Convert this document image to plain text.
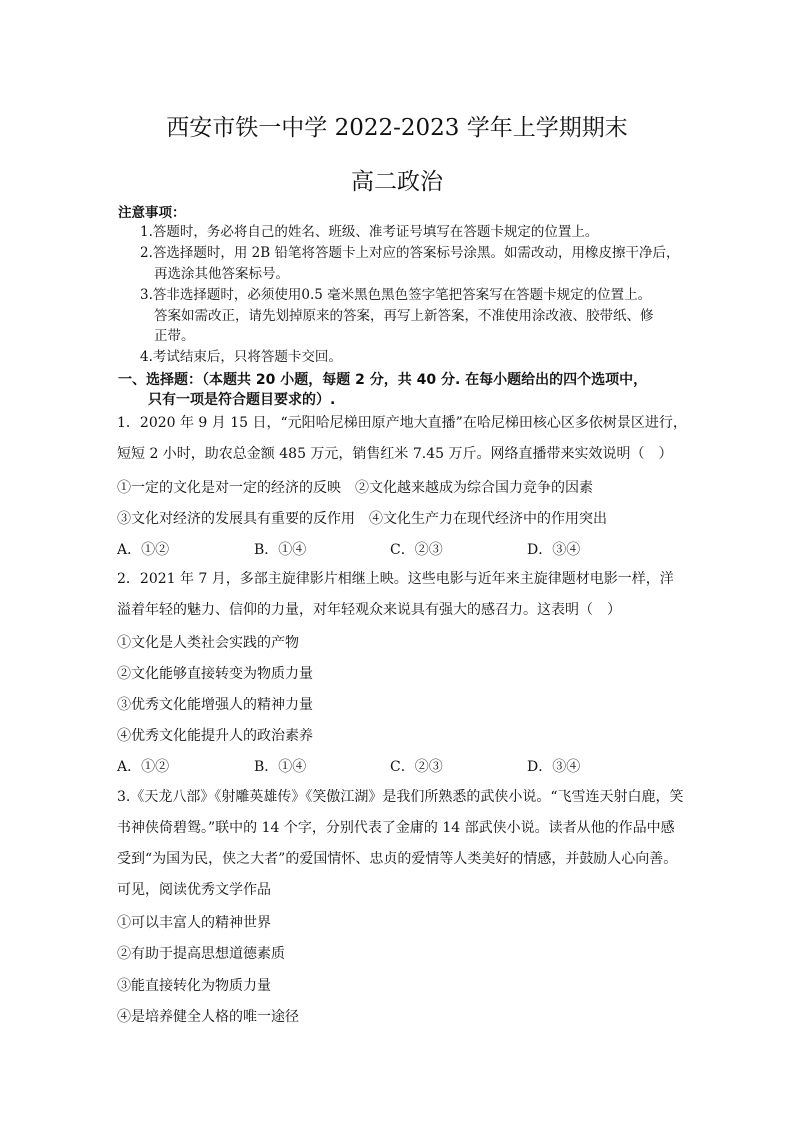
西安市铁一中学 2022-2023 学年上学期期末
高二政治
注意事项：
1.答题时，务必将自己的姓名、班级、准考证号填写在答题卡规定的位置上。
2.答选择题时，用 2B 铅笔将答题卡上对应的答案标号涂黑。如需改动，用橡皮擦干净后，
再选涂其他答案标号。
3.答非选择题时，必须使用0.5 毫米黑色黑色签字笔把答案写在答题卡规定的位置上。
答案如需改正，请先划掉原来的答案，再写上新答案，不准使用涂改液、胶带纸、修
正带。
4.考试结束后，只将答题卡交回。
一、选择题：（本题共 20 小题，每题 2 分，共 40 分. 在每小题给出的四个选项中，
只有一项是符合题目要求的）.
1．2020 年 9 月 15 日，“元阳哈尼梯田原产地大直播”在哈尼梯田核心区多依树景区进行，短短 2 小时，助农总金额 485 万元，销售红米 7.45 万斤。网络直播带来实效说明（　）
①一定的文化是对一定的经济的反映　②文化越来越成为综合国力竞争的因素
③文化对经济的发展具有重要的反作用　④文化生产力在现代经济中的作用突出
A．①②	B．①④	C．②③	D．③④
2．2021 年 7 月，多部主旋律影片相继上映。这些电影与近年来主旋律题材电影一样，洋溢着年轻的魅力、信仰的力量，对年轻观众来说具有强大的感召力。这表明（　）
①文化是人类社会实践的产物
②文化能够直接转变为物质力量
③优秀文化能增强人的精神力量
④优秀文化能提升人的政治素养
A．①②	B．①④	C．②③	D．③④
3.《天龙八部》《射雕英雄传》《笑傲江湖》是我们所熟悉的武侠小说。“飞雪连天射白鹿，笑书神侠倚碧鸳。”联中的 14 个字，分别代表了金庸的 14 部武侠小说。读者从他的作品中感受到“为国为民，侠之大者”的爱国情怀、忠贞的爱情等人类美好的情感，并鼓励人心向善。可见，阅读优秀文学作品
①可以丰富人的精神世界
②有助于提高思想道德素质
③能直接转化为物质力量
④是培养健全人格的唯一途径
